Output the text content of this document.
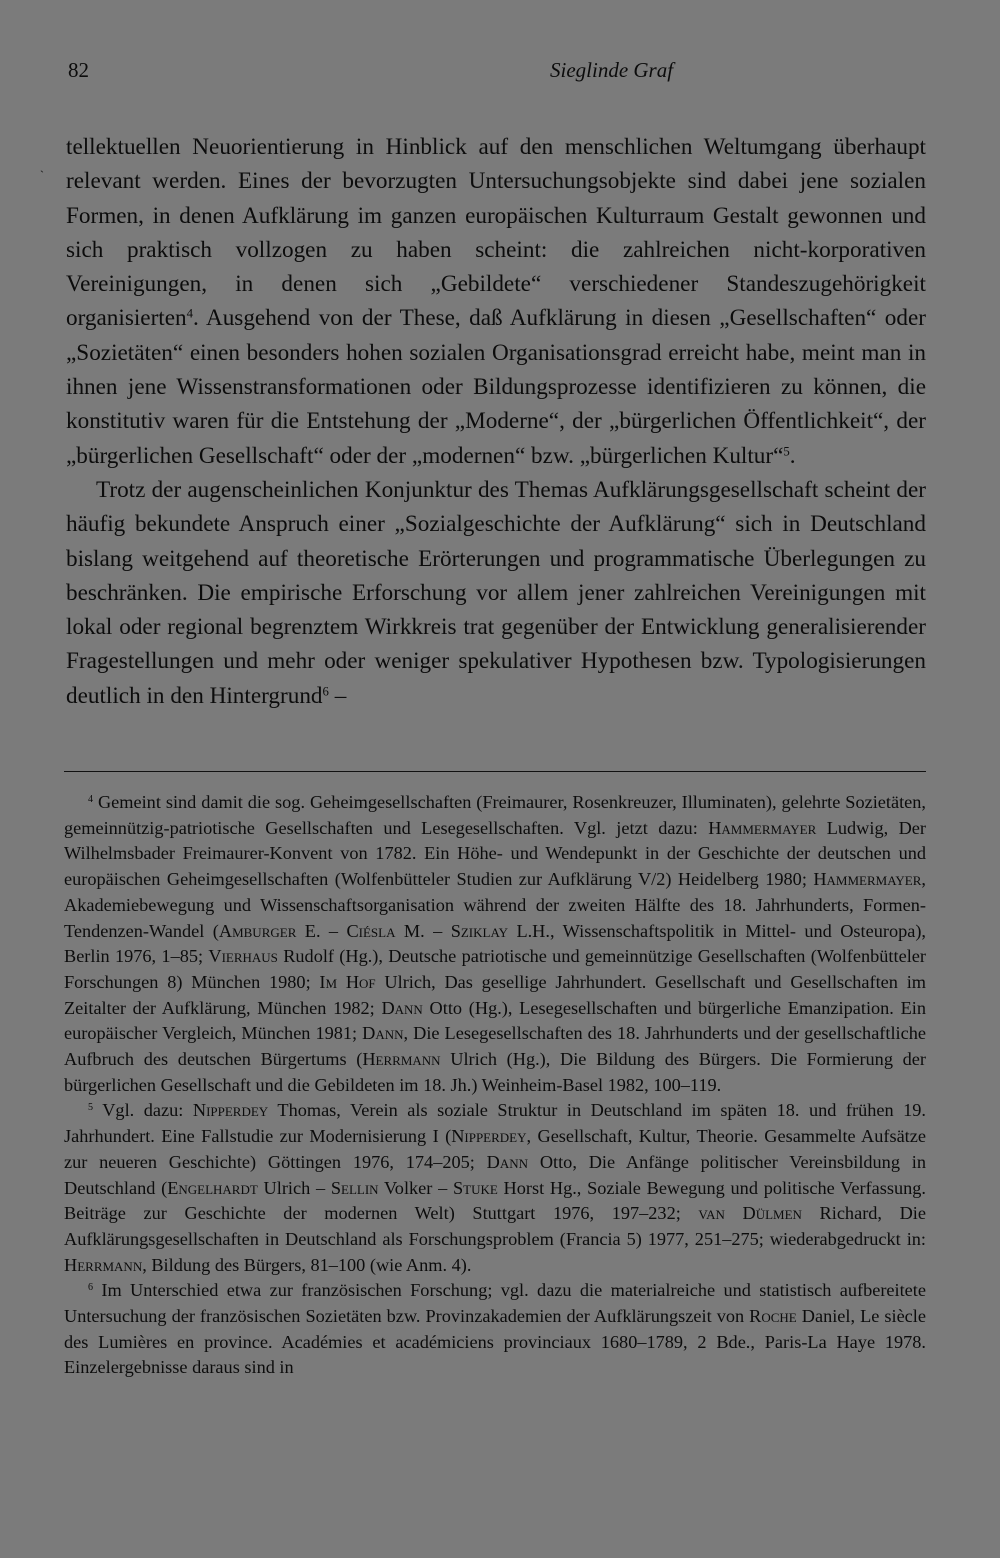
82	Sieglinde Graf
`

tellektuellen Neuorientierung in Hinblick auf den menschlichen Weltumgang überhaupt relevant werden. Eines der bevorzugten Untersuchungsobjekte sind dabei jene sozialen Formen, in denen Aufklärung im ganzen europäischen Kulturraum Gestalt gewonnen und sich praktisch vollzogen zu haben scheint: die zahlreichen nicht-korporativen Vereinigungen, in denen sich „Gebildete“ verschiedener Standeszugehörigkeit organisierten$^4$. Ausgehend von der These, daß Aufklärung in diesen „Gesellschaften“ oder „Sozietäten“ einen besonders hohen sozialen Organisationsgrad erreicht habe, meint man in ihnen jene Wissenstransformationen oder Bildungsprozesse identifizieren zu können, die konstitutiv waren für die Entstehung der „Moderne“, der „bürgerlichen Öffentlichkeit“, der „bürgerlichen Gesellschaft“ oder der „modernen“ bzw. „bürgerlichen Kultur“$^5$.

Trotz der augenscheinlichen Konjunktur des Themas Aufklärungsgesellschaft scheint der häufig bekundete Anspruch einer „Sozialgeschichte der Aufklärung“ sich in Deutschland bislang weitgehend auf theoretische Erörterungen und programmatische Überlegungen zu beschränken. Die empirische Erforschung vor allem jener zahlreichen Vereinigungen mit lokal oder regional begrenztem Wirkkreis trat gegenüber der Entwicklung generalisierender Fragestellungen und mehr oder weniger spekulativer Hypothesen bzw. Typologisierungen deutlich in den Hintergrund$^6$ –

$^4$ Gemeint sind damit die sog. Geheimgesellschaften (Freimaurer, Rosenkreuzer, Illuminaten), gelehrte Sozietäten, gemeinnützig-patriotische Gesellschaften und Lesegesellschaften. Vgl. jetzt dazu: Hammermayer Ludwig, Der Wilhelmsbader Freimaurer-Konvent von 1782. Ein Höhe- und Wendepunkt in der Geschichte der deutschen und europäischen Geheimgesellschaften (Wolfenbütteler Studien zur Aufklärung V/2) Heidelberg 1980; Hammermayer, Akademiebewegung und Wissenschaftsorganisation während der zweiten Hälfte des 18. Jahrhunderts, Formen-Tendenzen-Wandel (Amburger E. – Ciésla M. – Sziklay L.H., Wissenschaftspolitik in Mittel- und Osteuropa), Berlin 1976, 1–85; Vierhaus Rudolf (Hg.), Deutsche patriotische und gemeinnützige Gesellschaften (Wolfenbütteler Forschungen 8) München 1980; Im Hof Ulrich, Das gesellige Jahrhundert. Gesellschaft und Gesellschaften im Zeitalter der Aufklärung, München 1982; Dann Otto (Hg.), Lesegesellschaften und bürgerliche Emanzipation. Ein europäischer Vergleich, München 1981; Dann, Die Lesegesellschaften des 18. Jahrhunderts und der gesellschaftliche Aufbruch des deutschen Bürgertums (Herrmann Ulrich (Hg.), Die Bildung des Bürgers. Die Formierung der bürgerlichen Gesellschaft und die Gebildeten im 18. Jh.) Weinheim-Basel 1982, 100–119.

$^5$ Vgl. dazu: Nipperdey Thomas, Verein als soziale Struktur in Deutschland im späten 18. und frühen 19. Jahrhundert. Eine Fallstudie zur Modernisierung I (Nipperdey, Gesellschaft, Kultur, Theorie. Gesammelte Aufsätze zur neueren Geschichte) Göttingen 1976, 174–205; Dann Otto, Die Anfänge politischer Vereinsbildung in Deutschland (Engelhardt Ulrich – Sellin Volker – Stuke Horst Hg., Soziale Bewegung und politische Verfassung. Beiträge zur Geschichte der modernen Welt) Stuttgart 1976, 197–232; van Dülmen Richard, Die Aufklärungsgesellschaften in Deutschland als Forschungsproblem (Francia 5) 1977, 251–275; wiederabgedruckt in: Herrmann, Bildung des Bürgers, 81–100 (wie Anm. 4).

$^6$ Im Unterschied etwa zur französischen Forschung; vgl. dazu die materialreiche und statistisch aufbereitete Untersuchung der französischen Sozietäten bzw. Provinzakademien der Aufklärungszeit von Roche Daniel, Le siècle des Lumières en province. Académies et académiciens provinciaux 1680–1789, 2 Bde., Paris-La Haye 1978. Einzelergebnisse daraus sind in
